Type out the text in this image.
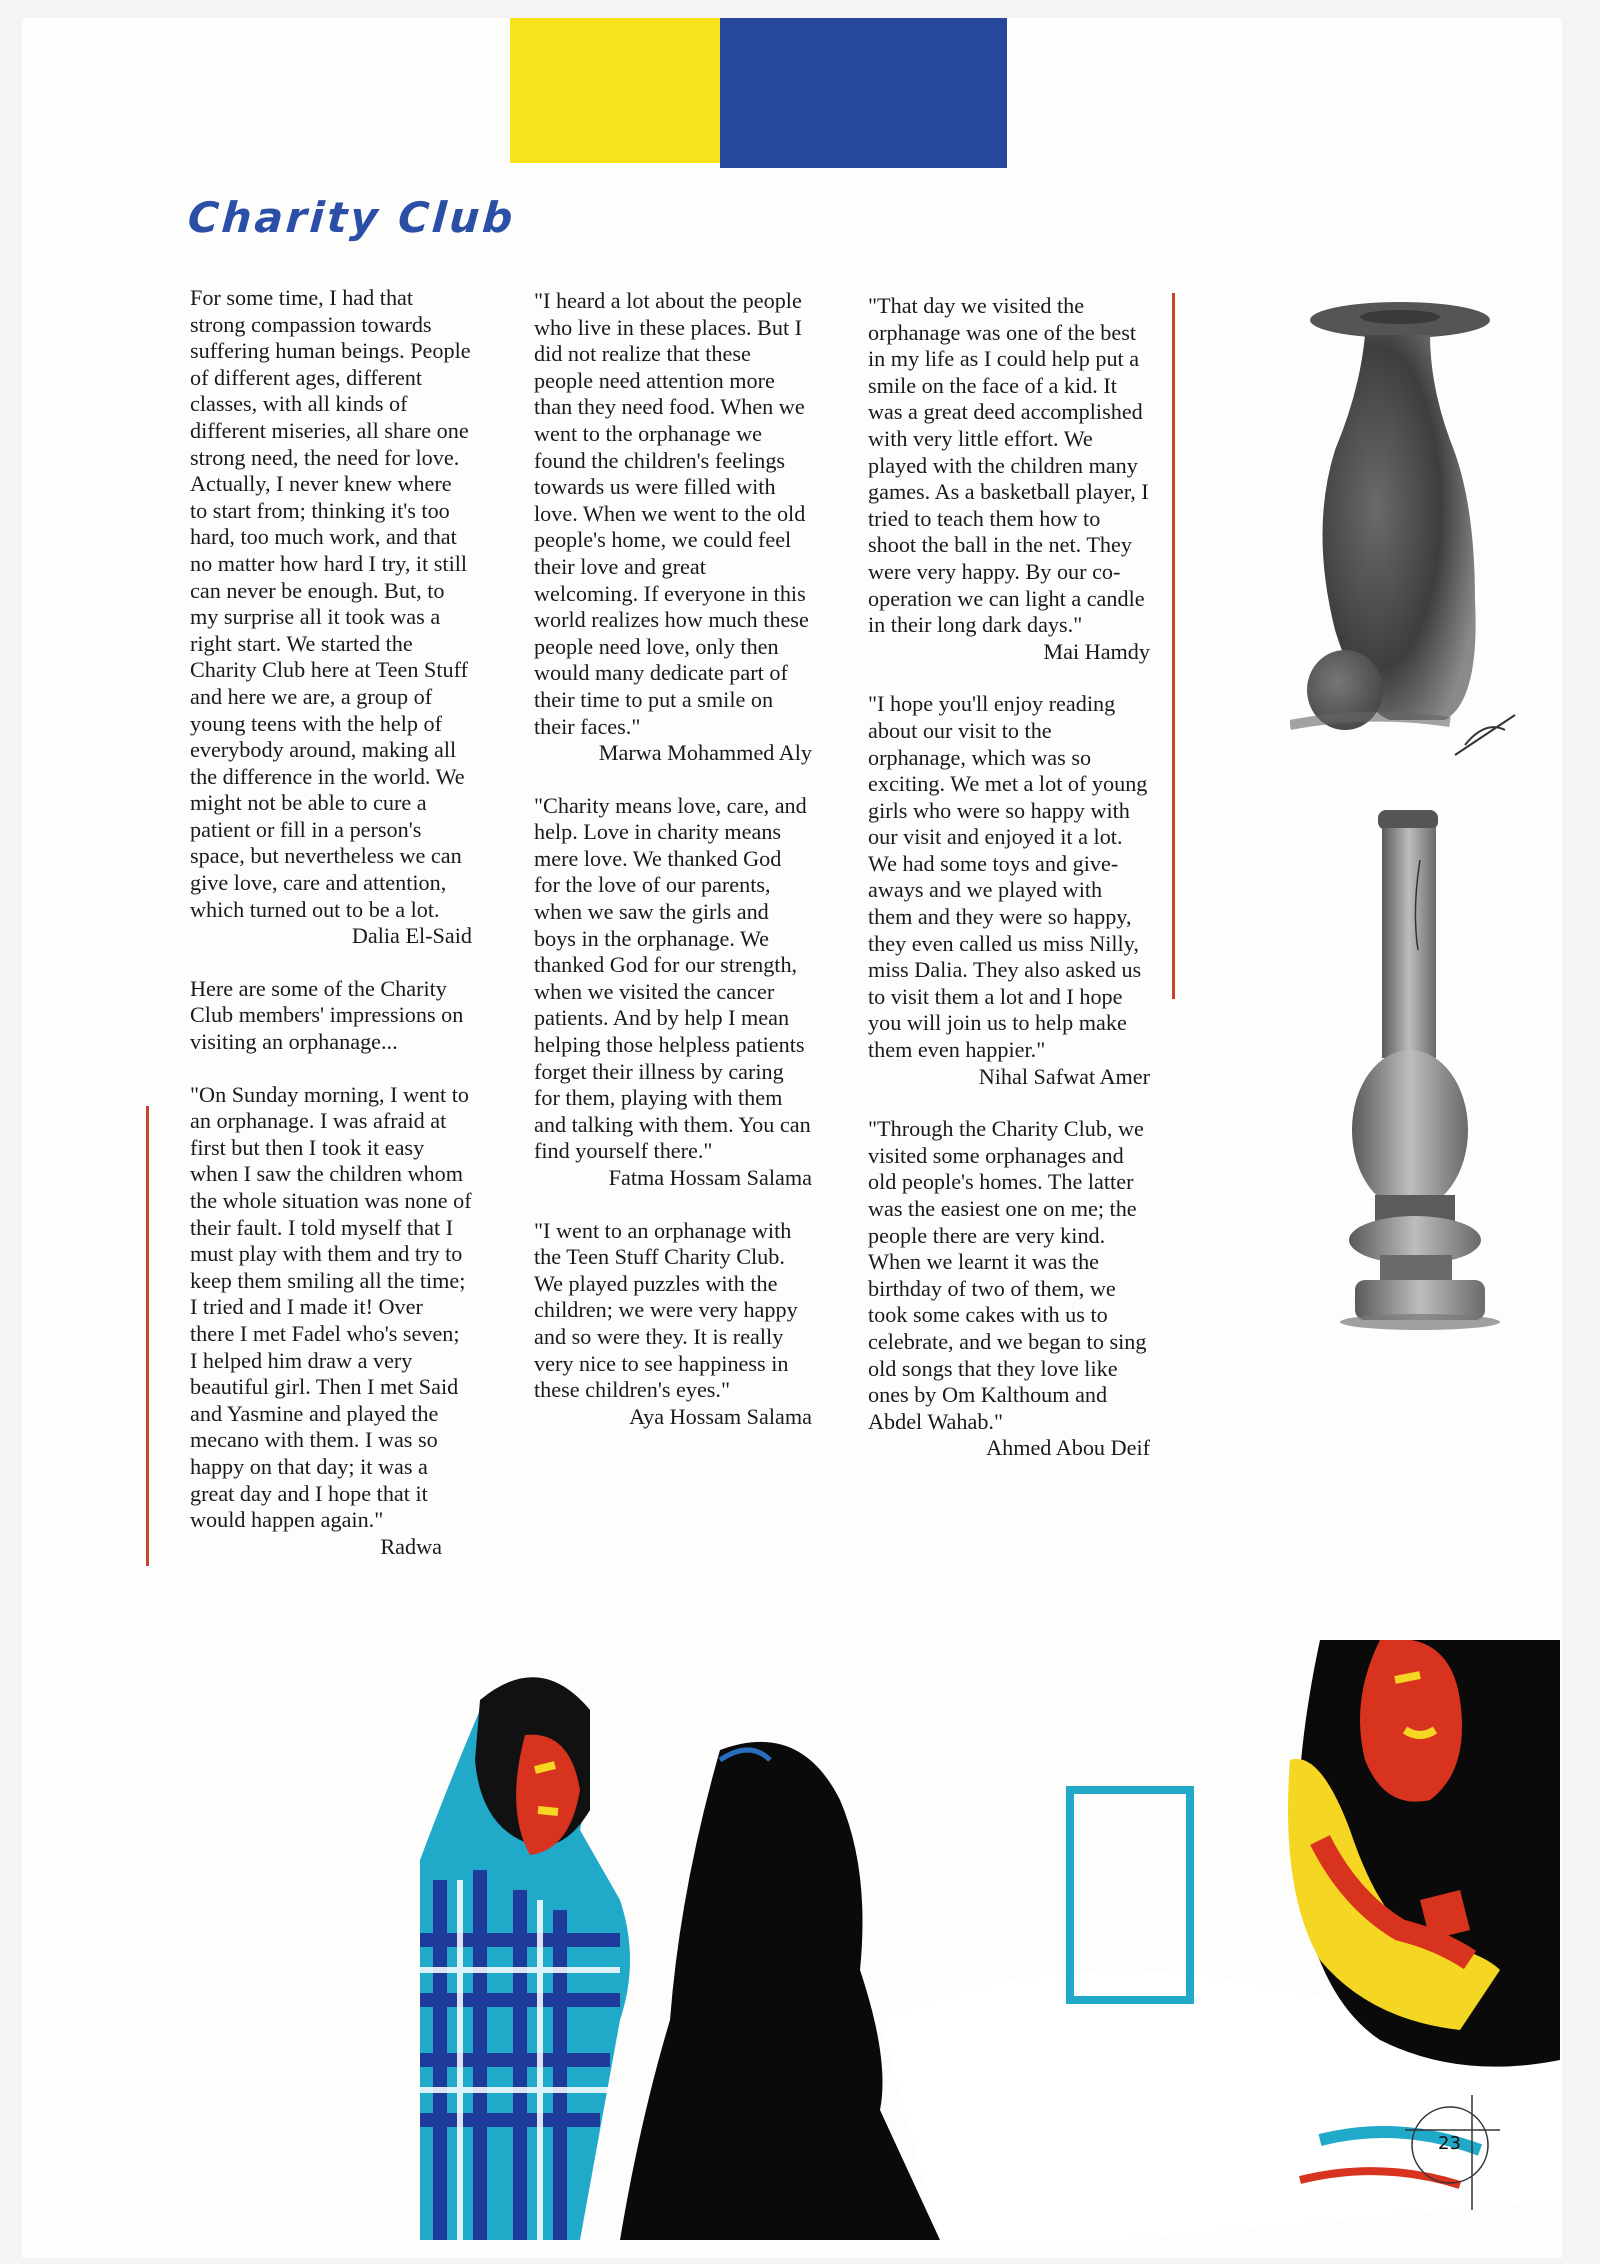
Charity Club

For some time, I had that strong compassion towards suffering human beings. People of different ages, different classes, with all kinds of different miseries, all share one strong need, the need for love. Actually, I never knew where to start from; thinking it's too hard, too much work, and that no matter how hard I try, it still can never be enough. But, to my surprise all it took was a right start. We started the Charity Club here at Teen Stuff and here we are, a group of young teens with the help of everybody around, making all the difference in the world. We might not be able to cure a patient or fill in a person's space, but nevertheless we can give love, care and attention, which turned out to be a lot.

Dalia El-Said

Here are some of the Charity Club members' impressions on visiting an orphanage...

"On Sunday morning, I went to an orphanage. I was afraid at first but then I took it easy when I saw the children whom the whole situation was none of their fault. I told myself that I must play with them and try to keep them smiling all the time; I tried and I made it! Over there I met Fadel who's seven; I helped him draw a very beautiful girl. Then I met Said and Yasmine and played the mecano with them. I was so happy on that day; it was a great day and I hope that it would happen again."

Radwa

"I heard a lot about the people who live in these places. But I did not realize that these people need attention more than they need food. When we went to the orphanage we found the children's feelings towards us were filled with love. When we went to the old people's home, we could feel their love and great welcoming. If everyone in this world realizes how much these people need love, only then would many dedicate part of their time to put a smile on their faces."

Marwa Mohammed Aly

"Charity means love, care, and help. Love in charity means mere love. We thanked God for the love of our parents, when we saw the girls and boys in the orphanage. We thanked God for our strength, when we visited the cancer patients. And by help I mean helping those helpless patients forget their illness by caring for them, playing with them and talking with them. You can find yourself there."

Fatma Hossam Salama

"I went to an orphanage with the Teen Stuff Charity Club. We played puzzles with the children; we were very happy and so were they. It is really very nice to see happiness in these children's eyes."

Aya Hossam Salama

"That day we visited the orphanage was one of the best in my life as I could help put a smile on the face of a kid. It was a great deed accomplished with very little effort. We played with the children many games. As a basketball player, I tried to teach them how to shoot the ball in the net. They were very happy. By our co-operation we can light a candle in their long dark days."

Mai Hamdy

"I hope you'll enjoy reading about our visit to the orphanage, which was so exciting. We met a lot of young girls who were so happy with our visit and enjoyed it a lot. We had some toys and give-aways and we played with them and they were so happy, they even called us miss Nilly, miss Dalia. They also asked us to visit them a lot and I hope you will join us to help make them even happier."

Nihal Safwat Amer

"Through the Charity Club, we visited some orphanages and old people's homes. The latter was the easiest one on me; the people there are very kind. When we learnt it was the birthday of two of them, we took some cakes with us to celebrate, and we began to sing old songs that they love like ones by Om Kalthoum and Abdel Wahab."

Ahmed Abou Deif
23
